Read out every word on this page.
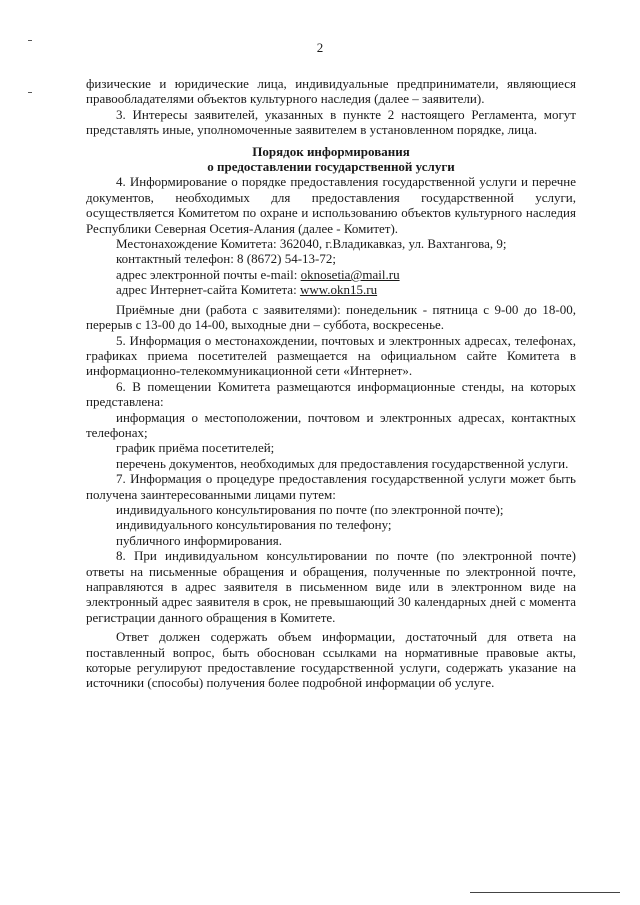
2

физические и юридические лица, индивидуальные предприниматели, являющиеся правообладателями объектов культурного наследия (далее – заявители).

3. Интересы заявителей, указанных в пункте 2 настоящего Регламента, могут представлять иные, уполномоченные заявителем в установленном порядке, лица.

Порядок информирования

о предоставлении государственной услуги

4. Информирование о порядке предоставления государственной услуги и перечне документов, необходимых для предоставления государственной услуги, осуществляется Комитетом по охране и использованию объектов культурного наследия Республики Северная Осетия-Алания (далее - Комитет).

Местонахождение Комитета: 362040, г.Владикавказ, ул. Вахтангова, 9;

контактный телефон: 8 (8672) 54-13-72;

адрес электронной почты e-mail: oknosetia@mail.ru

адрес Интернет-сайта Комитета: www.okn15.ru

Приёмные дни (работа с заявителями): понедельник - пятница с 9-00 до 18-00, перерыв с 13-00 до 14-00, выходные дни – суббота, воскресенье.

5. Информация о местонахождении, почтовых и электронных адресах, телефонах, графиках приема посетителей размещается на официальном сайте Комитета в информационно-телекоммуникационной сети «Интернет».

6. В помещении Комитета размещаются информационные стенды, на которых представлена:

информация о местоположении, почтовом и электронных адресах, контактных телефонах;

график приёма посетителей;

перечень документов, необходимых для предоставления государственной услуги.

7. Информация о процедуре предоставления государственной услуги может быть получена заинтересованными лицами путем:

индивидуального консультирования по почте (по электронной почте);

индивидуального консультирования по телефону;

публичного информирования.

8. При индивидуальном консультировании по почте (по электронной почте) ответы на письменные обращения и обращения, полученные по электронной почте, направляются в адрес заявителя в письменном виде или в электронном виде на электронный адрес заявителя в срок, не превышающий 30 календарных дней с момента регистрации данного обращения в Комитете.

Ответ должен содержать объем информации, достаточный для ответа на поставленный вопрос, быть обоснован ссылками на нормативные правовые акты, которые регулируют предоставление государственной услуги, содержать указание на источники (способы) получения более подробной информации об услуге.
